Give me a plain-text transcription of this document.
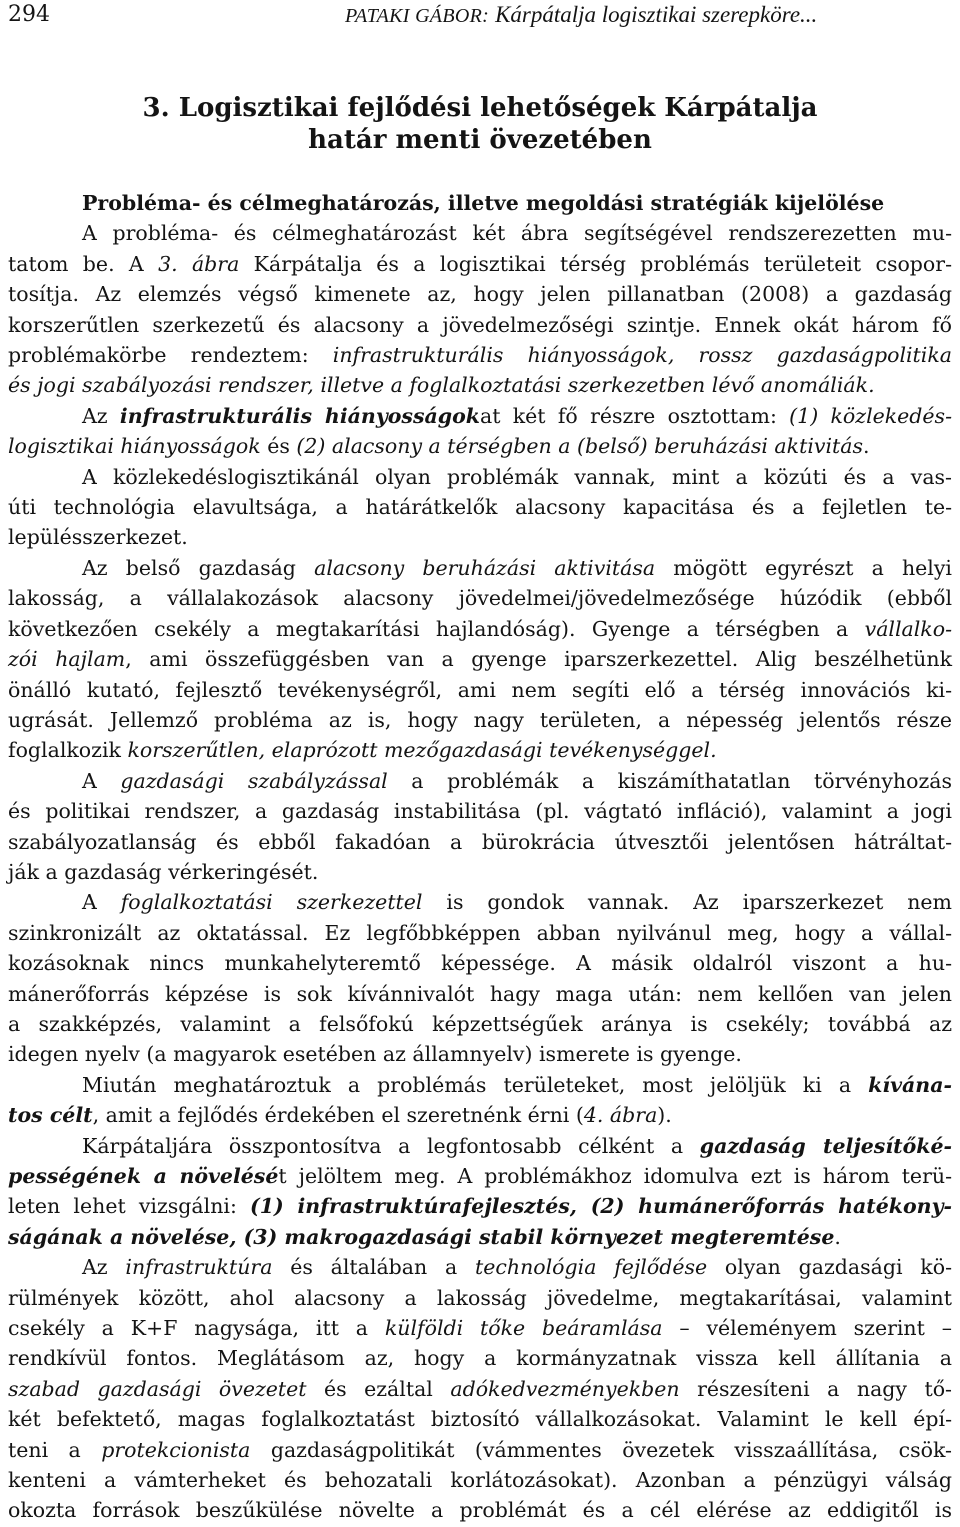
294	PATAKI GÁBOR: Kárpátalja logisztikai szerepköre...
3. Logisztikai fejlődési lehetőségek Kárpátalja
határ menti övezetében
Probléma- és célmeghatározás, illetve megoldási stratégiák kijelölése
A probléma- és célmeghatározást két ábra segítségével rendszerezetten mu-
tatom be. A 3. ábra Kárpátalja és a logisztikai térség problémás területeit csopor-
tosítja. Az elemzés végső kimenete az, hogy jelen pillanatban (2008) a gazdaság
korszerűtlen szerkezetű és alacsony a jövedelmezőségi szintje. Ennek okát három fő
problémakörbe rendeztem: infrastrukturális hiányosságok, rossz gazdaságpolitika
és jogi szabályozási rendszer, illetve a foglalkoztatási szerkezetben lévő anomáliák.
Az infrastrukturális hiányosságokat két fő részre osztottam: (1) közlekedés-
logisztikai hiányosságok és (2) alacsony a térségben a (belső) beruházási aktivitás.
A közlekedéslogisztikánál olyan problémák vannak, mint a közúti és a vas-
úti technológia elavultsága, a határátkelők alacsony kapacitása és a fejletlen te-
lepülésszerkezet.
Az belső gazdaság alacsony beruházási aktivitása mögött egyrészt a helyi
lakosság, a vállalakozások alacsony jövedelmei/jövedelmezősége húzódik (ebből
következően csekély a megtakarítási hajlandóság). Gyenge a térségben a vállalko-
zói hajlam, ami összefüggésben van a gyenge iparszerkezettel. Alig beszélhetünk
önálló kutató, fejlesztő tevékenységről, ami nem segíti elő a térség innovációs ki-
ugrását. Jellemző probléma az is, hogy nagy területen, a népesség jelentős része
foglalkozik korszerűtlen, elaprózott mezőgazdasági tevékenységgel.
A gazdasági szabályzással a problémák a kiszámíthatatlan törvényhozás
és politikai rendszer, a gazdaság instabilitása (pl. vágtató infláció), valamint a jogi
szabályozatlanság és ebből fakadóan a bürokrácia útvesztői jelentősen hátráltat-
ják a gazdaság vérkeringését.
A foglalkoztatási szerkezettel is gondok vannak. Az iparszerkezet nem
szinkronizált az oktatással. Ez legfőbbképpen abban nyilvánul meg, hogy a vállal-
kozásoknak nincs munkahelyteremtő képessége. A másik oldalról viszont a hu-
mánerőforrás képzése is sok kívánnivalót hagy maga után: nem kellően van jelen
a szakképzés, valamint a felsőfokú képzettségűek aránya is csekély; továbbá az
idegen nyelv (a magyarok esetében az államnyelv) ismerete is gyenge.
Miután meghatároztuk a problémás területeket, most jelöljük ki a kívána-
tos célt, amit a fejlődés érdekében el szeretnénk érni (4. ábra).
Kárpátaljára összpontosítva a legfontosabb célként a gazdaság teljesítőké-
pességének a növelését jelöltem meg. A problémákhoz idomulva ezt is három terü-
leten lehet vizsgálni: (1) infrastruktúrafejlesztés, (2) humánerőforrás hatékony-
ságának a növelése, (3) makrogazdasági stabil környezet megteremtése.
Az infrastruktúra és általában a technológia fejlődése olyan gazdasági kö-
rülmények között, ahol alacsony a lakosság jövedelme, megtakarításai, valamint
csekély a K+F nagysága, itt a külföldi tőke beáramlása – véleményem szerint –
rendkívül fontos. Meglátásom az, hogy a kormányzatnak vissza kell állítania a
szabad gazdasági övezetet és ezáltal adókedvezményekben részesíteni a nagy tő-
két befektető, magas foglalkoztatást biztosító vállalkozásokat. Valamint le kell épí-
teni a protekcionista gazdaságpolitikát (vámmentes övezetek visszaállítása, csök-
kenteni a vámterheket és behozatali korlátozásokat). Azonban a pénzügyi válság
okozta források beszűkülése növelte a problémát és a cél elérése az eddigitől is
